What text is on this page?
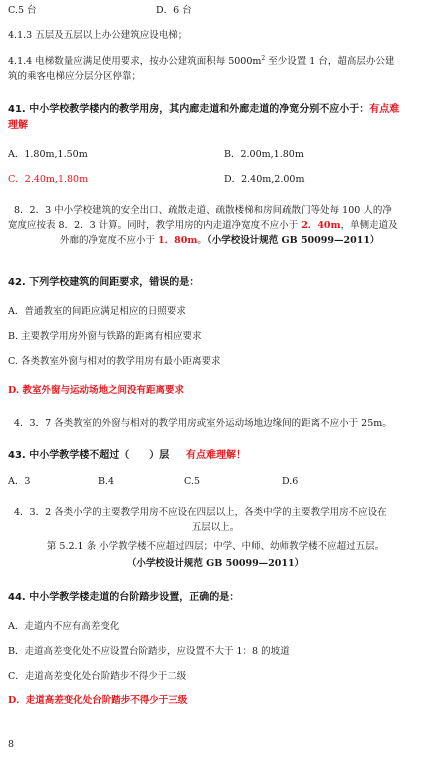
C.5 台	D．6 台
4.1.3 五层及五层以上办公建筑应设电梯；
4.1.4 电梯数量应满足使用要求，按办公建筑面积每 $5000m^2$ 至少设置 1 台，超高层办公建
筑的乘客电梯应分层分区停靠；
41. 中小学校教学楼内的教学用房，其内廊走道和外廊走道的净宽分别不应小于：有点难
理解
A．1.80m,1.50m	B．2.00m,1.80m
C．2.40m,1.80m	D．2.40m,2.00m
8．2．3 中小学校建筑的安全出口、疏散走道、疏散楼梯和房间疏散门等处每 100 人的净
宽度应按表 8．2．3 计算。同时，教学用房的内走道净宽度不应小于 2．40m，单侧走道及
外廊的净宽度不应小于 1．80m。（小学校设计规范 GB 50099—2011）
42. 下列学校建筑的间距要求，错误的是：
A．普通教室的间距应满足相应的日照要求
B. 主要教学用房外窗与铁路的距离有相应要求
C. 各类教室外窗与相对的教学用房有最小距离要求
D. 教室外窗与运动场地之间没有距离要求
4．3．7 各类教室的外窗与相对的教学用房或室外运动场地边缘间的距离不应小于 25m。
43. 中小学教学楼不超过（　　）层 有点难理解！
A．3	B.4	C.5	D.6
4．3．2 各类小学的主要教学用房不应设在四层以上，各类中学的主要教学用房不应设在
五层以上。
第 5.2.1 条 小学教学楼不应超过四层；中学、中师、幼师教学楼不应超过五层。
（小学校设计规范 GB 50099—2011）
44. 中小学教学楼走道的台阶踏步设置，正确的是：
A．走道内不应有高差变化
B．走道高差变化处不应设置台阶踏步，应设置不大于 1：8 的坡道
C．走道高差变化处台阶踏步不得少于二级
D．走道高差变化处台阶踏步不得少于三级
8
